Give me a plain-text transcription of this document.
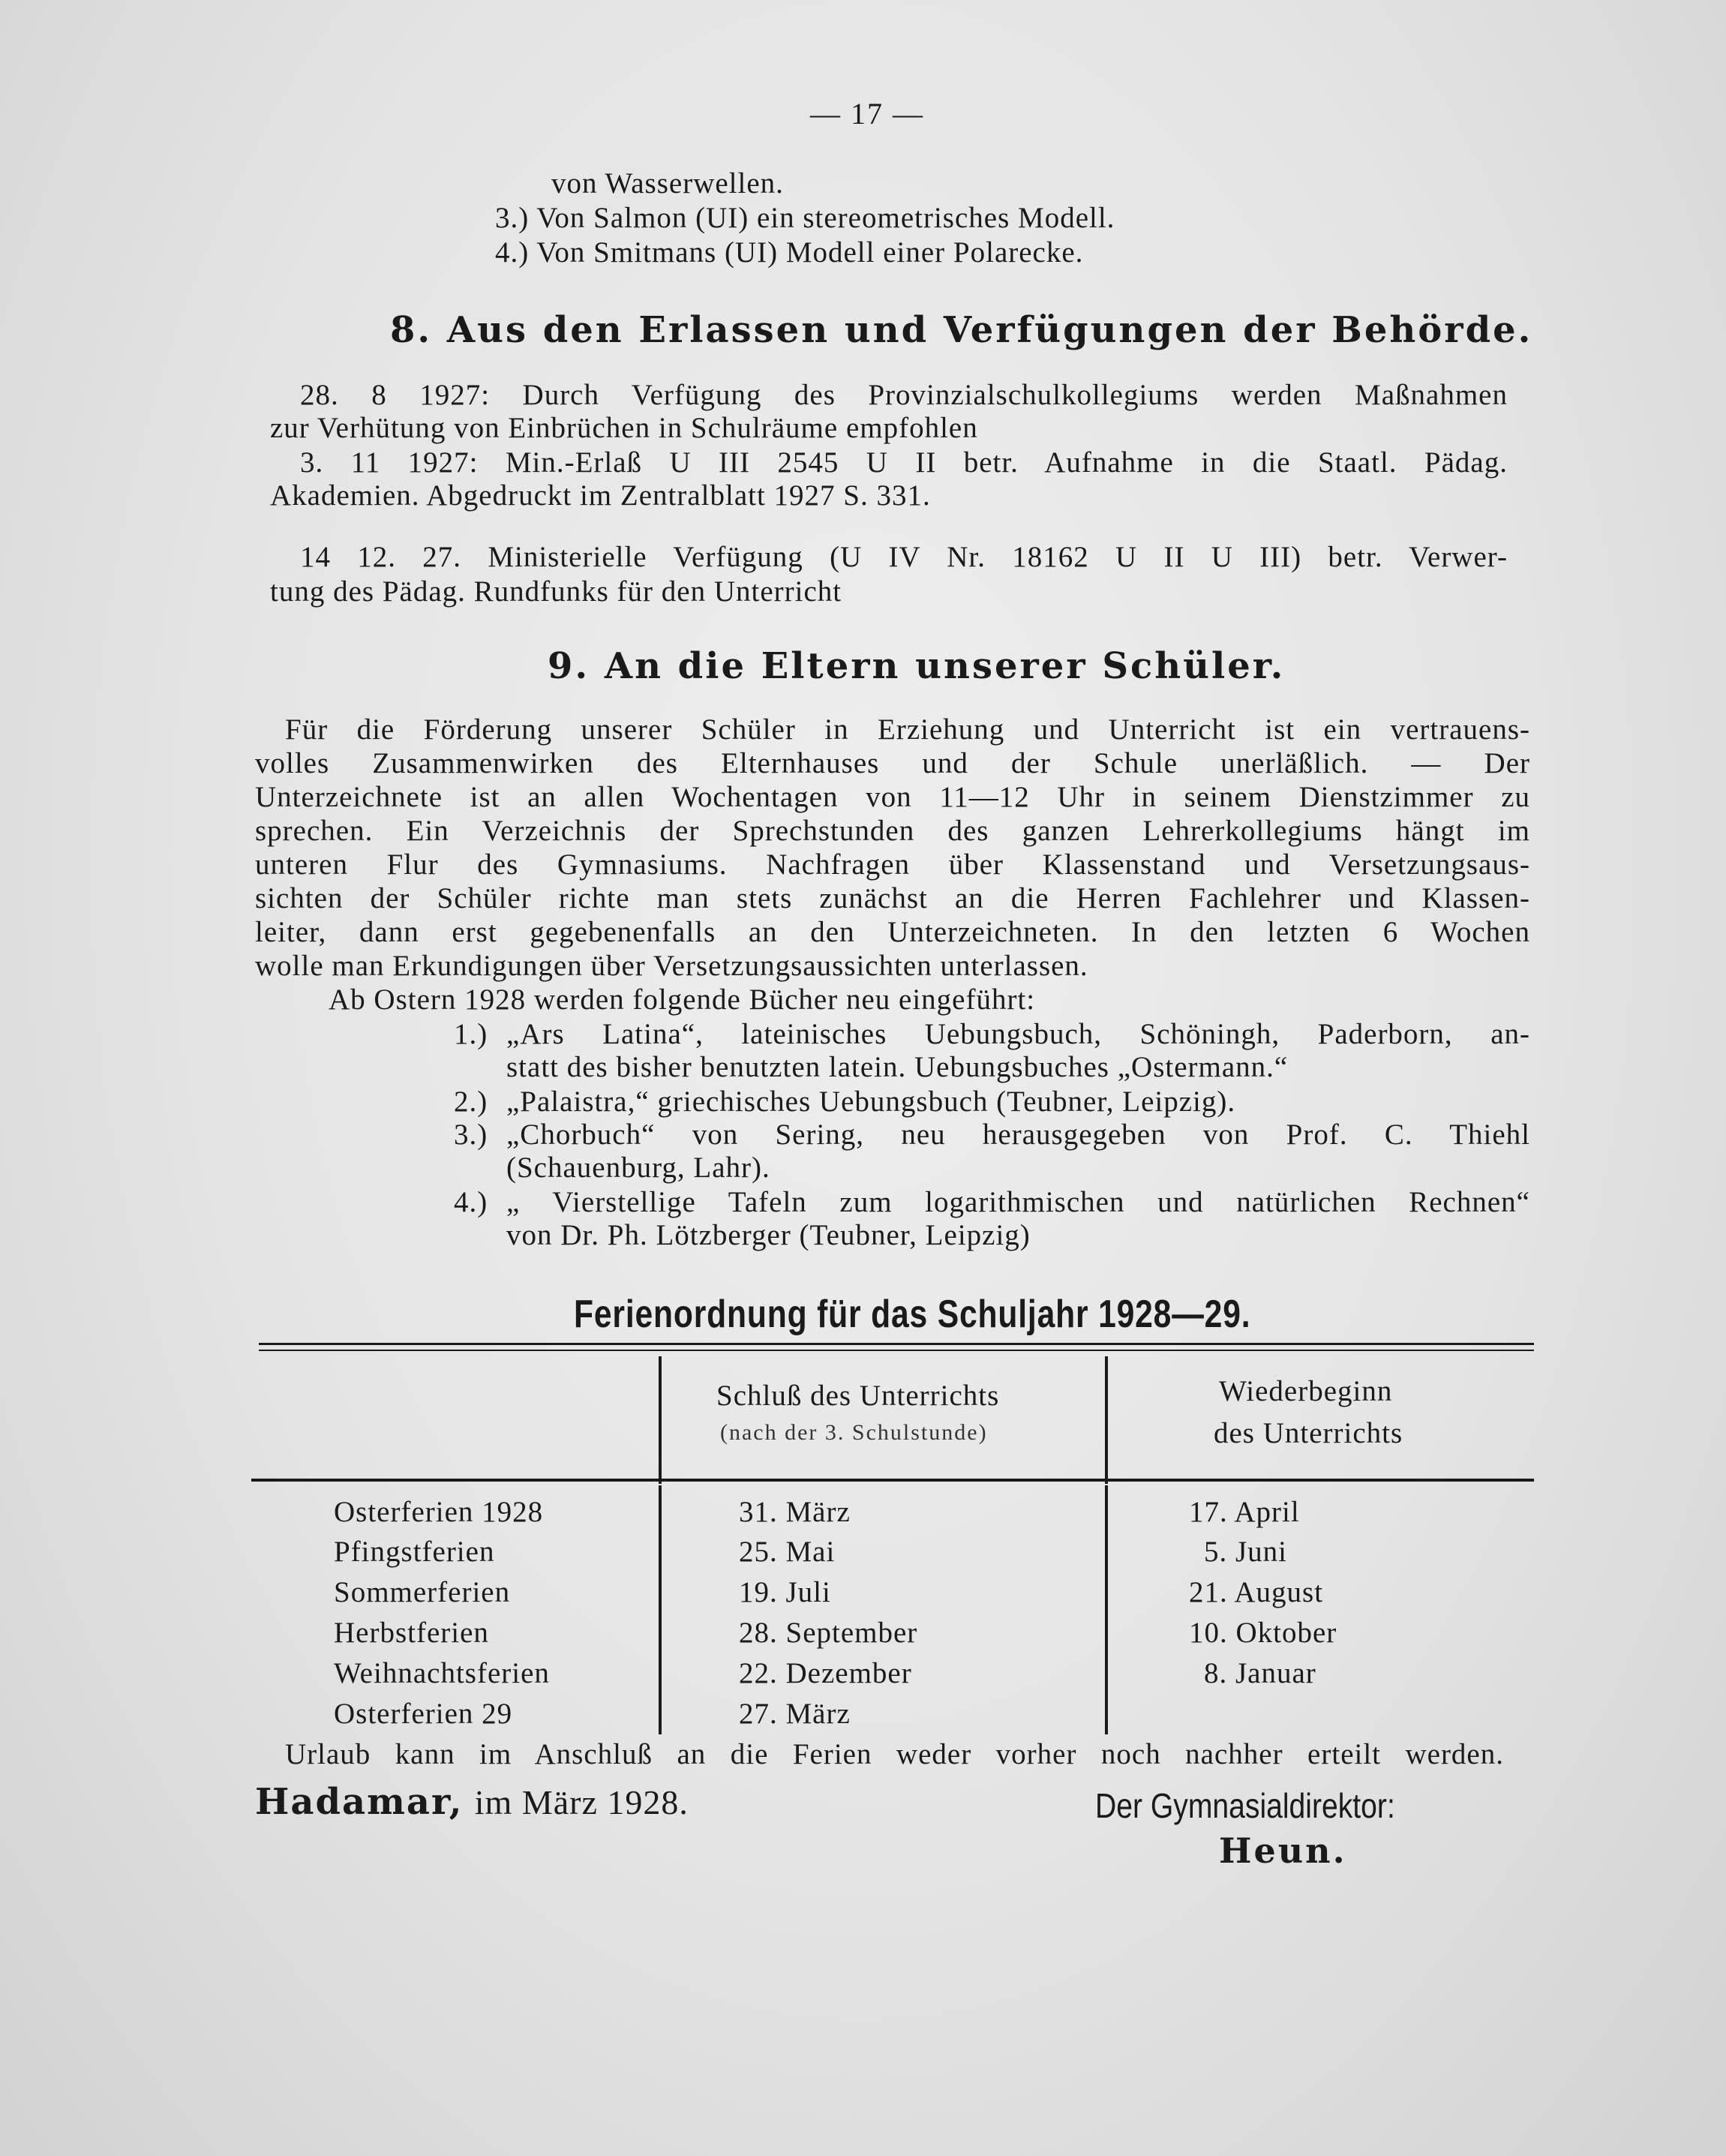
— 17 —
von Wasserwellen.
3.) Von Salmon (UI) ein stereometrisches Modell.
4.) Von Smitmans (UI) Modell einer Polarecke.
8. Aus den Erlassen und Verfügungen der Behörde.
28. 8 1927: Durch Verfügung des Provinzialschulkollegiums werden Maßnahmen
zur Verhütung von Einbrüchen in Schulräume empfohlen
3. 11 1927: Min.-Erlaß U III 2545 U II betr. Aufnahme in die Staatl. Pädag.
Akademien. Abgedruckt im Zentralblatt 1927 S. 331.
14 12. 27. Ministerielle Verfügung (U IV Nr. 18162 U II U III) betr. Verwer-
tung des Pädag. Rundfunks für den Unterricht
9. An die Eltern unserer Schüler.
Für die Förderung unserer Schüler in Erziehung und Unterricht ist ein vertrauens-
volles Zusammenwirken des Elternhauses und der Schule unerläßlich. — Der
Unterzeichnete ist an allen Wochentagen von 11—12 Uhr in seinem Dienstzimmer zu
sprechen. Ein Verzeichnis der Sprechstunden des ganzen Lehrerkollegiums hängt im
unteren Flur des Gymnasiums. Nachfragen über Klassenstand und Versetzungsaus-
sichten der Schüler richte man stets zunächst an die Herren Fachlehrer und Klassen-
leiter, dann erst gegebenenfalls an den Unterzeichneten. In den letzten 6 Wochen
wolle man Erkundigungen über Versetzungsaussichten unterlassen.
Ab Ostern 1928 werden folgende Bücher neu eingeführt:
1.) „Ars Latina“, lateinisches Uebungsbuch, Schöningh, Paderborn, an-
statt des bisher benutzten latein. Uebungsbuches „Ostermann.“
2.) „Palaistra,“ griechisches Uebungsbuch (Teubner, Leipzig).
3.) „Chorbuch“ von Sering, neu herausgegeben von Prof. C. Thiehl
(Schauenburg, Lahr).
4.) „ Vierstellige Tafeln zum logarithmischen und natürlichen Rechnen“
von Dr. Ph. Lötzberger (Teubner, Leipzig)
Ferienordnung für das Schuljahr 1928—29.
Schluß des Unterrichts
(nach der 3. Schulstunde)
Wiederbeginn
des Unterrichts
Osterferien 1928	31. März	17. April
Pfingstferien	25. Mai	5. Juni
Sommerferien	19. Juli	21. August
Herbstferien	28. September	10. Oktober
Weihnachtsferien	22. Dezember	8. Januar
Osterferien 29	27. März
Urlaub kann im Anschluß an die Ferien weder vorher noch nachher erteilt werden.
Hadamar, im März 1928.	Der Gymnasialdirektor:
Heun.
